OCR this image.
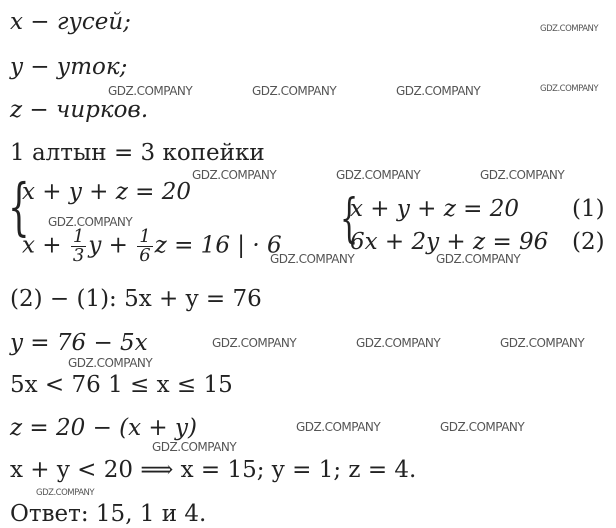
x − гусей;
y − уток;
z − чирков.
1 алтын = 3 копейки
{
x + y + z = 20
$x + \frac{1}{3}$ $y + \frac{1}{6}$ z = 16 | · 6 {
x + y + z = 20 (1)
6x + 2y + z = 96 (2)
(2) − (1): 5x + y = 76
y = 76 − 5x
5x < 76 1 ≤ x ≤ 15
z = 20 − (x + y)
x + y < 20 ⟹ x = 15; y = 1; z = 4.
Ответ: 15, 1 и 4.
GDZ.COMPANY
GDZ.COMPANY	GDZ.COMPANY	GDZ.COMPANY	GDZ.COMPANY
GDZ.COMPANY	GDZ.COMPANY	GDZ.COMPANY
GDZ.COMPANY
GDZ.COMPANY	GDZ.COMPANY
GDZ.COMPANY	GDZ.COMPANY	GDZ.COMPANY
GDZ.COMPANY
GDZ.COMPANY	GDZ.COMPANY
GDZ.COMPANY
GDZ.COMPANY
